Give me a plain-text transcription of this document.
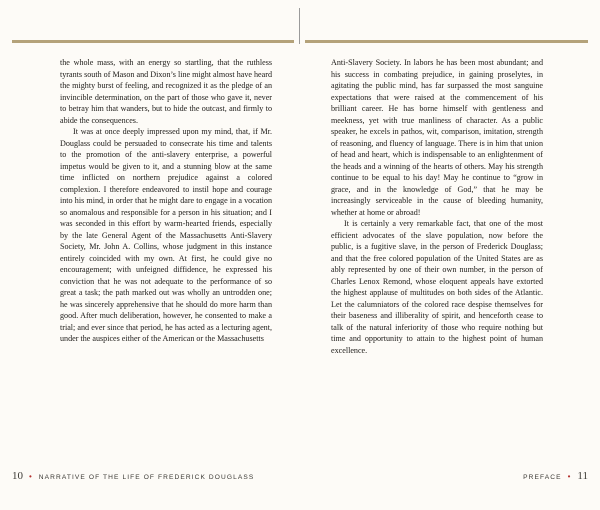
the whole mass, with an energy so startling, that the ruthless tyrants south of Mason and Dixon’s line might almost have heard the mighty burst of feeling, and recognized it as the pledge of an invincible determination, on the part of those who gave it, never to betray him that wanders, but to hide the outcast, and firmly to abide the consequences.

It was at once deeply impressed upon my mind, that, if Mr. Douglass could be persuaded to consecrate his time and talents to the promotion of the anti-slavery enterprise, a powerful impetus would be given to it, and a stunning blow at the same time inflicted on northern prejudice against a colored complexion. I therefore endeavored to instil hope and courage into his mind, in order that he might dare to engage in a vocation so anomalous and responsible for a person in his situation; and I was seconded in this effort by warm-hearted friends, especially by the late General Agent of the Massachusetts Anti-Slavery Society, Mr. John A. Collins, whose judgment in this instance entirely coincided with my own. At first, he could give no encouragement; with unfeigned diffidence, he expressed his conviction that he was not adequate to the performance of so great a task; the path marked out was wholly an untrodden one; he was sincerely apprehensive that he should do more harm than good. After much deliberation, however, he consented to make a trial; and ever since that period, he has acted as a lecturing agent, under the auspices either of the American or the Massachusetts

Anti-Slavery Society. In labors he has been most abundant; and his success in combating prejudice, in gaining proselytes, in agitating the public mind, has far surpassed the most sanguine expectations that were raised at the commencement of his brilliant career. He has borne himself with gentleness and meekness, yet with true manliness of character. As a public speaker, he excels in pathos, wit, comparison, imitation, strength of reasoning, and fluency of language. There is in him that union of head and heart, which is indispensable to an enlightenment of the heads and a winning of the hearts of others. May his strength continue to be equal to his day! May he continue to “grow in grace, and in the knowledge of God,” that he may be increasingly serviceable in the cause of bleeding humanity, whether at home or abroad!

It is certainly a very remarkable fact, that one of the most efficient advocates of the slave population, now before the public, is a fugitive slave, in the person of Frederick Douglass; and that the free colored population of the United States are as ably represented by one of their own number, in the person of Charles Lenox Remond, whose eloquent appeals have extorted the highest applause of multitudes on both sides of the Atlantic. Let the calumniators of the colored race despise themselves for their baseness and illiberality of spirit, and henceforth cease to talk of the natural inferiority of those who require nothing but time and opportunity to attain to the highest point of human excellence.

10 • NARRATIVE OF THE LIFE OF FREDERICK DOUGLASS	PREFACE • 11
